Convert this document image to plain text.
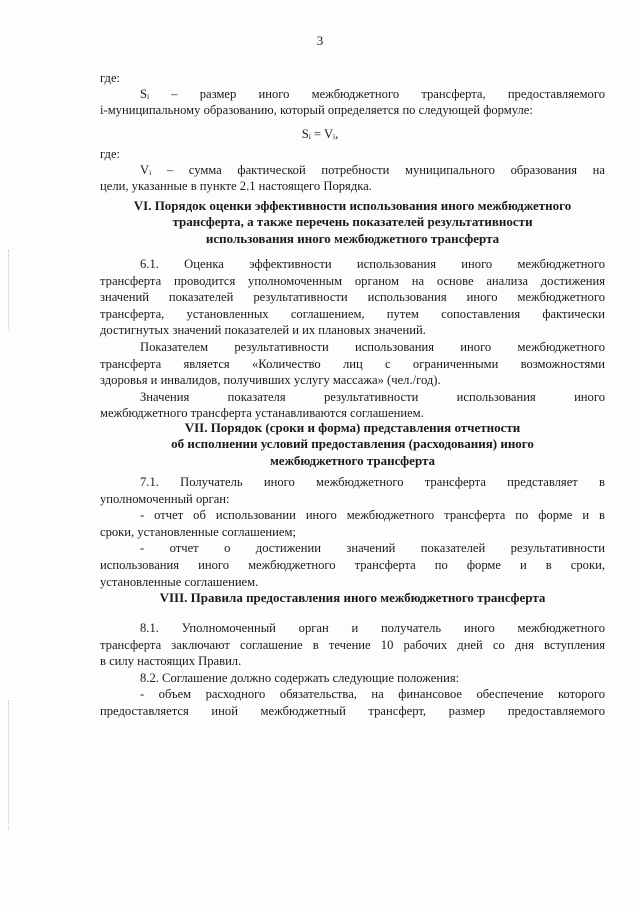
3
где:
Sᵢ – размер иного межбюджетного трансферта, предоставляемого
i-муниципальному образованию, который определяется по следующей формуле:
Sᵢ = Vᵢ,
где:
Vᵢ – сумма фактической потребности муниципального образования на
цели, указанные в пункте 2.1 настоящего Порядка.
VI. Порядок оценки эффективности использования иного межбюджетного
трансферта, а также перечень показателей результативности
использования иного межбюджетного трансферта
6.1. Оценка эффективности использования иного межбюджетного
трансферта проводится уполномоченным органом на основе анализа достижения
значений показателей результативности использования иного межбюджетного
трансферта, установленных соглашением, путем сопоставления фактически
достигнутых значений показателей и их плановых значений.
Показателем результативности использования иного межбюджетного
трансферта является «Количество лиц с ограниченными возможностями
здоровья и инвалидов, получивших услугу массажа» (чел./год).
Значения показателя результативности использования иного
межбюджетного трансферта устанавливаются соглашением.
VII. Порядок (сроки и форма) представления отчетности
об исполнении условий предоставления (расходования) иного
межбюджетного трансферта
7.1. Получатель иного межбюджетного трансферта представляет в
уполномоченный орган:
- отчет об использовании иного межбюджетного трансферта по форме и в
сроки, установленные соглашением;
- отчет о достижении значений показателей результативности
использования иного межбюджетного трансферта по форме и в сроки,
установленные соглашением.
VIII. Правила предоставления иного межбюджетного трансферта
8.1. Уполномоченный орган и получатель иного межбюджетного
трансферта заключают соглашение в течение 10 рабочих дней со дня вступления
в силу настоящих Правил.
8.2. Соглашение должно содержать следующие положения:
- объем расходного обязательства, на финансовое обеспечение которого
предоставляется иной межбюджетный трансферт, размер предоставляемого
